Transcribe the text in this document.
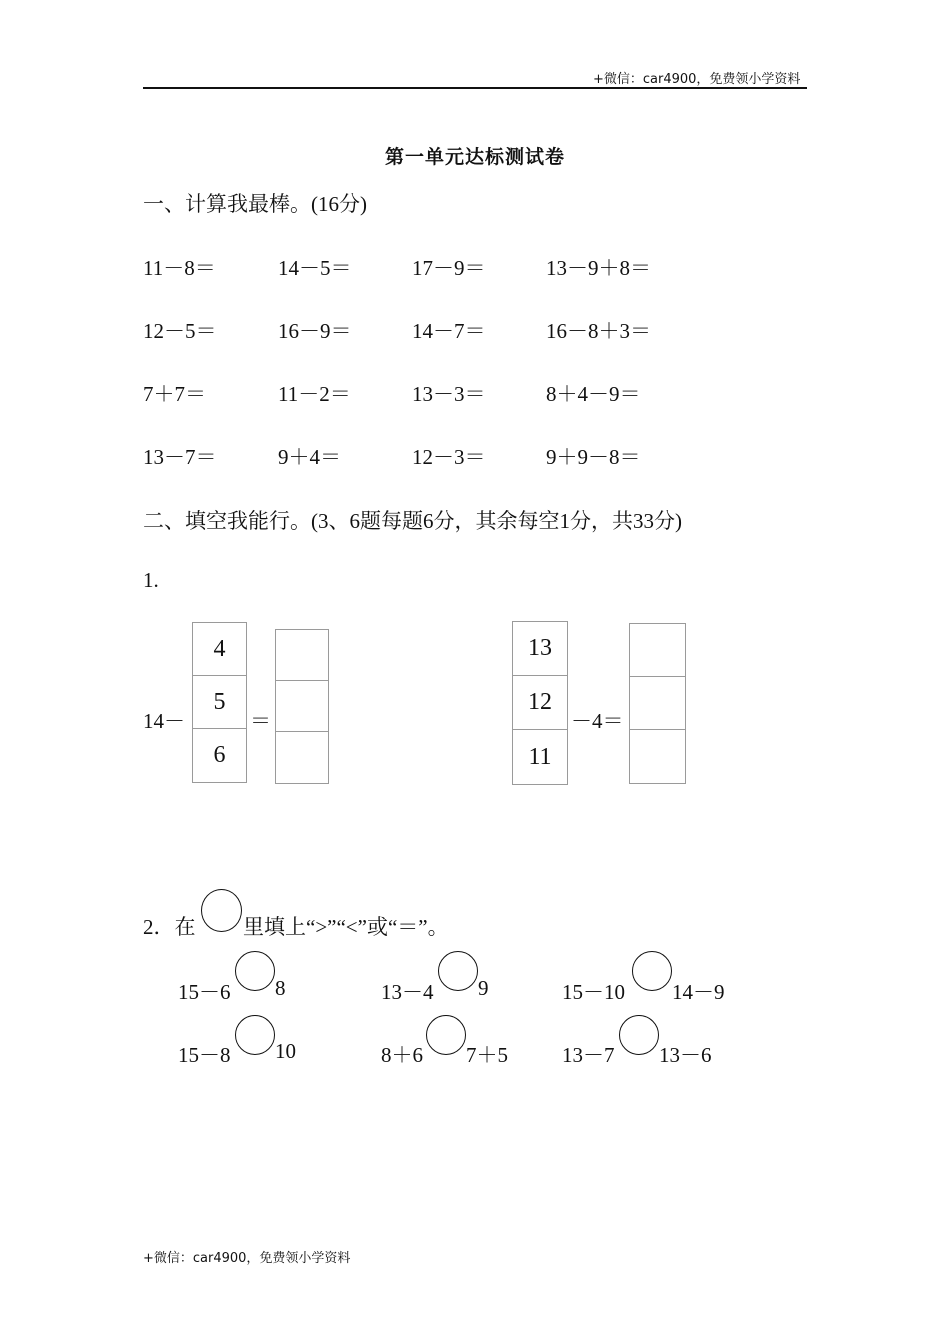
+微信：car4900，免费领小学资料
第一单元达标测试卷
一、计算我最棒。(16分)
11－8＝	14－5＝	17－9＝	13－9＋8＝
12－5＝	16－9＝	14－7＝	16－8＋3＝
7＋7＝	11－2＝	13－3＝	8＋4－9＝
13－7＝	9＋4＝	12－3＝	9＋9－8＝
二、填空我能行。(3、6题每题6分，其余每空1分，共33分)
1.
14－
4
5
6
＝
13
12
11
－4＝
2．在 里填上“>”“<”或“＝”。
15－6 8	13－4 9	15－10 14－9
15－8 10	8＋6 7＋5	13－7 13－6
+微信：car4900，免费领小学资料
